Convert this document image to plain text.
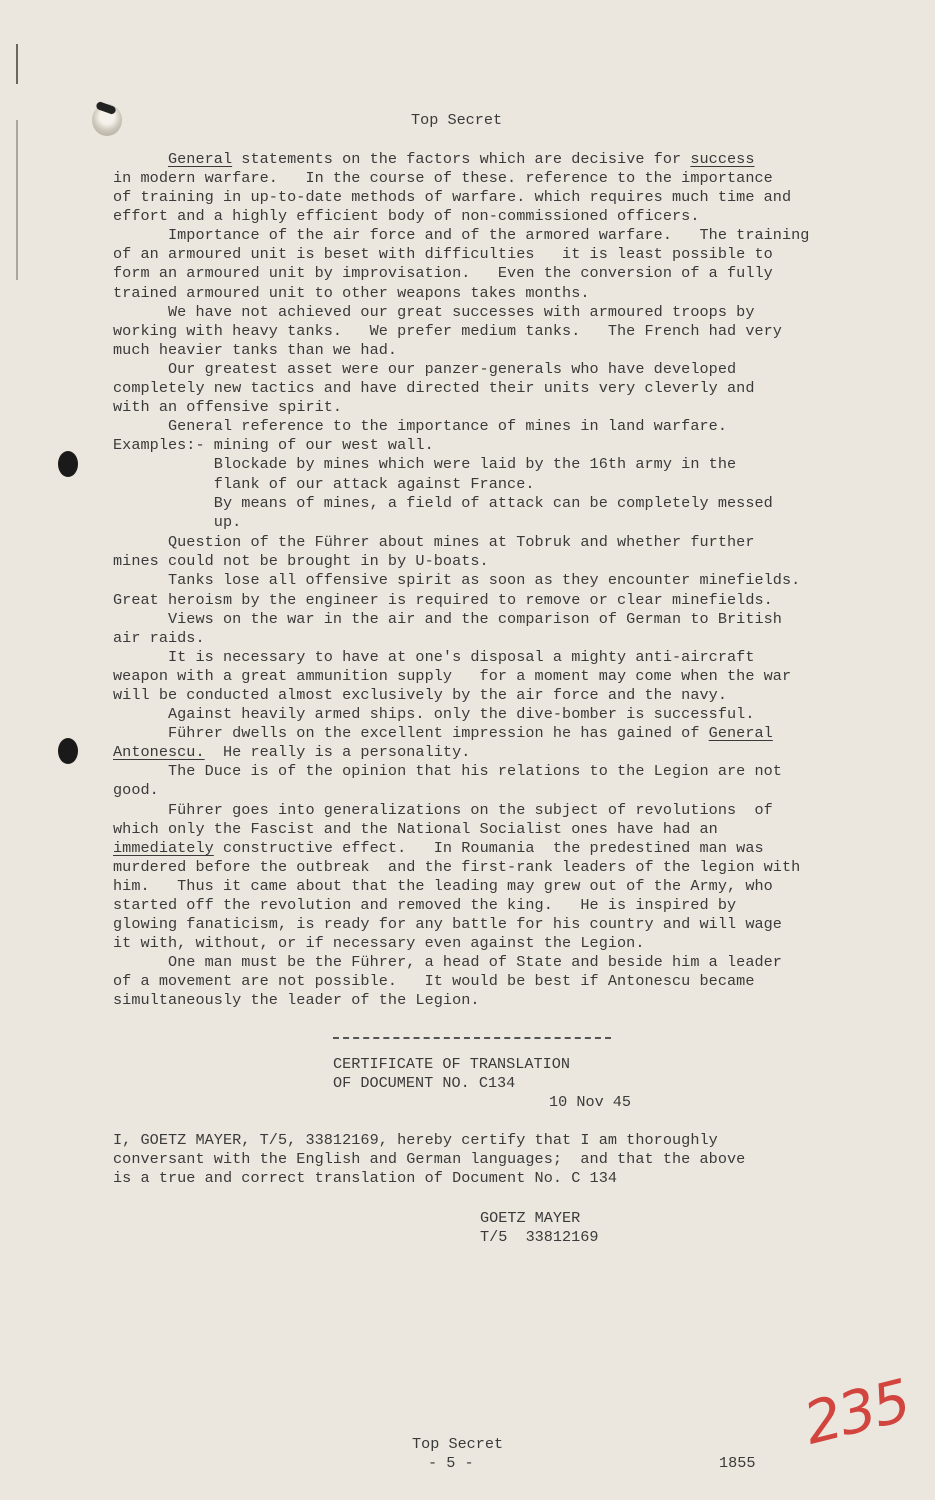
Top Secret
General statements on the factors which are decisive for success
in modern warfare.   In the course of these. reference to the importance
of training in up-to-date methods of warfare. which requires much time and
effort and a highly efficient body of non-commissioned officers.
Importance of the air force and of the armored warfare.   The training
of an armoured unit is beset with difficulties   it is least possible to
form an armoured unit by improvisation.   Even the conversion of a fully
trained armoured unit to other weapons takes months.
We have not achieved our great successes with armoured troops by
working with heavy tanks.   We prefer medium tanks.   The French had very
much heavier tanks than we had.
Our greatest asset were our panzer-generals who have developed
completely new tactics and have directed their units very cleverly and
with an offensive spirit.
General reference to the importance of mines in land warfare.
Examples:- mining of our west wall.
Blockade by mines which were laid by the 16th army in the
flank of our attack against France.
By means of mines, a field of attack can be completely messed
up.
Question of the Führer about mines at Tobruk and whether further
mines could not be brought in by U-boats.
Tanks lose all offensive spirit as soon as they encounter minefields.
Great heroism by the engineer is required to remove or clear minefields.
Views on the war in the air and the comparison of German to British
air raids.
It is necessary to have at one's disposal a mighty anti-aircraft
weapon with a great ammunition supply   for a moment may come when the war
will be conducted almost exclusively by the air force and the navy.
Against heavily armed ships. only the dive-bomber is successful.
Führer dwells on the excellent impression he has gained of General
Antonescu.  He really is a personality.
The Duce is of the opinion that his relations to the Legion are not
good.
Führer goes into generalizations on the subject of revolutions  of
which only the Fascist and the National Socialist ones have had an
immediately constructive effect.   In Roumania  the predestined man was
murdered before the outbreak  and the first-rank leaders of the legion with
him.   Thus it came about that the leading may grew out of the Army, who
started off the revolution and removed the king.   He is inspired by
glowing fanaticism, is ready for any battle for his country and will wage
it with, without, or if necessary even against the Legion.
One man must be the Führer, a head of State and beside him a leader
of a movement are not possible.   It would be best if Antonescu became
simultaneously the leader of the Legion.
CERTIFICATE OF TRANSLATION
OF DOCUMENT NO. C134
10 Nov 45
I, GOETZ MAYER, T/5, 33812169, hereby certify that I am thoroughly
conversant with the English and German languages;  and that the above
is a true and correct translation of Document No. C 134
GOETZ MAYER
T/5  33812169
Top Secret
- 5 -	1855
235
